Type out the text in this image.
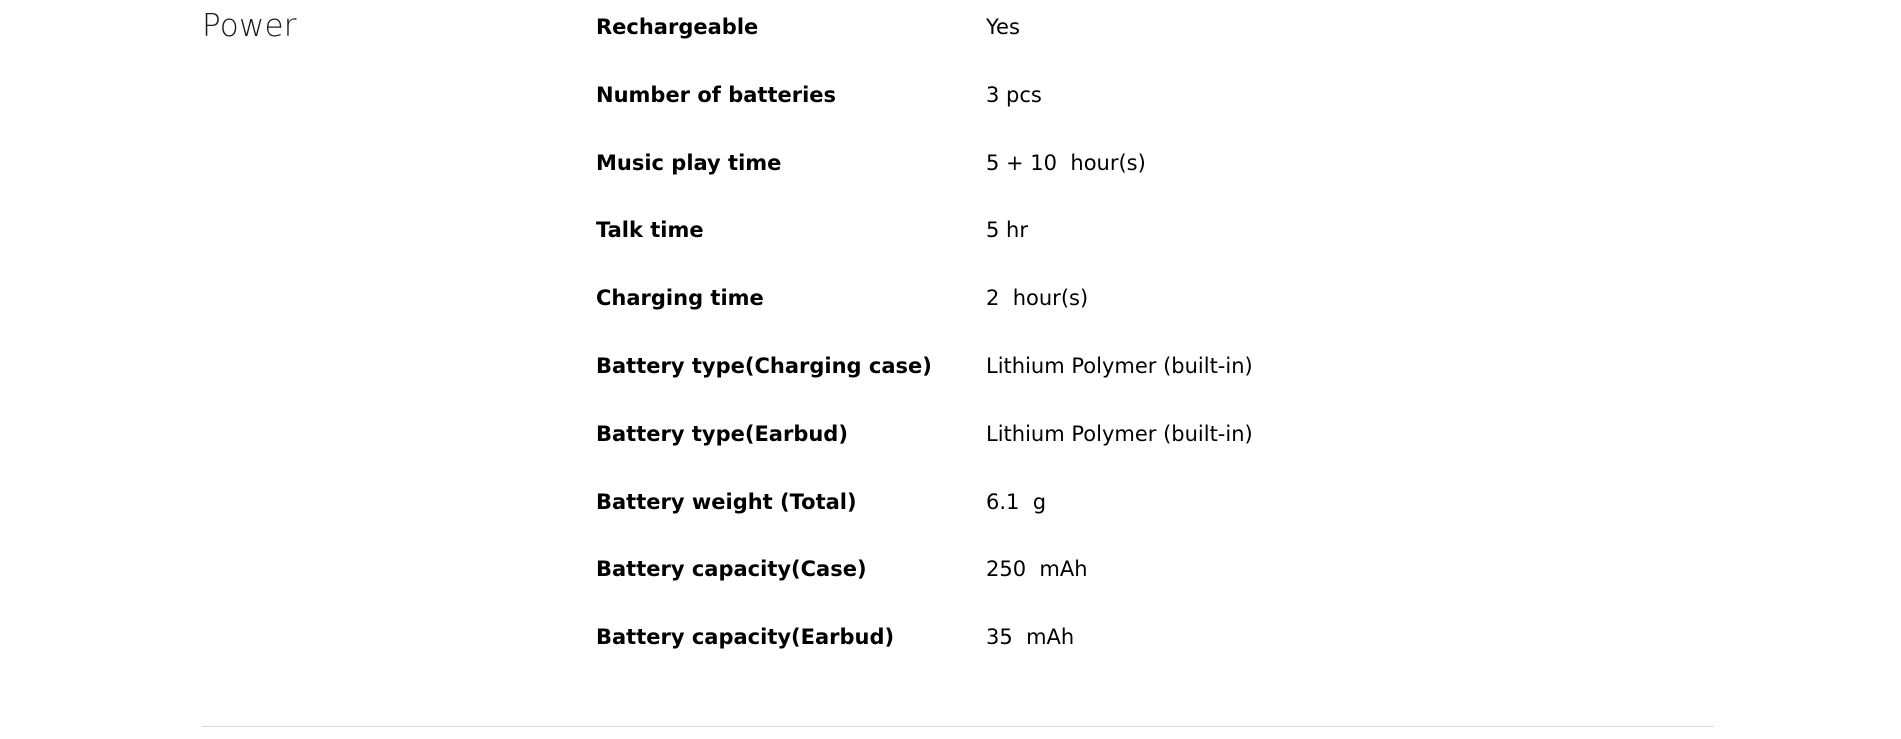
Power	Rechargeable	Yes
Number of batteries	3 pcs
Music play time	5 + 10  hour(s)
Talk time	5 hr
Charging time	2  hour(s)
Battery type(Charging case)	Lithium Polymer (built-in)
Battery type(Earbud)	Lithium Polymer (built-in)
Battery weight (Total)	6.1  g
Battery capacity(Case)	250  mAh
Battery capacity(Earbud)	35  mAh
